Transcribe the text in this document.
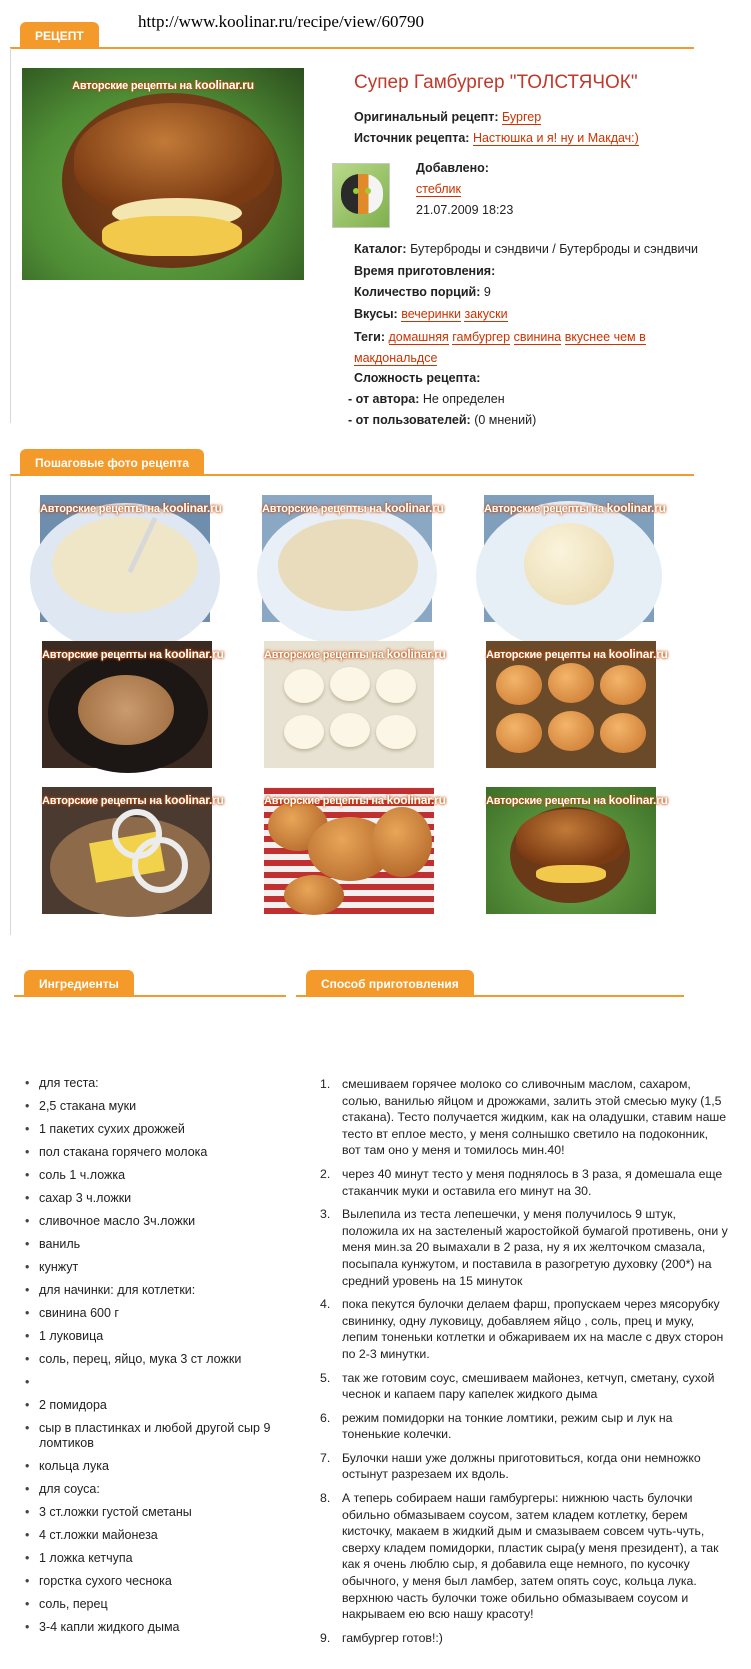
http://www.koolinar.ru/recipe/view/60790
РЕЦЕПТ
Авторские рецепты на koolinar.ru	Супер Гамбургер "ТОЛСТЯЧОК"
Оригинальный рецепт: Бургер
Источник рецепта: Настюшка и я! ну и Макдач:)
Добавлено:
стеблик
21.07.2009 18:23
Каталог: Бутерброды и сэндвичи / Бутерброды и сэндвичи
Время приготовления:
Количество порций: 9
Вкусы: вечеринки закуски
Теги: домашняя гамбургер свинина вкуснее чем в макдональдсе
Сложность рецепта:
- от автора: Не определен
- от пользователей: (0 мнений)
Пошаговые фото рецепта
Авторские рецепты на koolinar.ru	Авторские рецепты на koolinar.ru	Авторские рецепты на koolinar.ru
Авторские рецепты на koolinar.ru	Авторские рецепты на koolinar.ru	Авторские рецепты на koolinar.ru
Авторские рецепты на koolinar.ru	Авторские рецепты на koolinar.ru	Авторские рецепты на koolinar.ru
Ингредиенты
• для теста:
• 2,5 стакана муки
• 1 пакетих сухих дрожжей
• пол стакана горячего молока
• соль 1 ч.ложка
• сахар 3 ч.ложки
• сливочное масло 3ч.ложки
• ваниль
• кунжут
• для начинки: для котлетки:
• свинина 600 г
• 1 луковица
• соль, перец, яйцо, мука 3 ст ложки
•
• 2 помидора
• сыр в пластинках и любой другой сыр 9 ломтиков
• кольца лука
• для соуса:
• 3 ст.ложки густой сметаны
• 4 ст.ложки майонеза
• 1 ложка кетчупа
• горстка сухого чеснока
• соль, перец
• 3-4 капли жидкого дыма
Способ приготовления
1. смешиваем горячее молоко со сливочным маслом, сахаром, солью, ванилью яйцом и дрожжами, залить этой смесью муку (1,5 стакана). Тесто получается жидким, как на оладушки, ставим наше тесто вт еплое место, у меня солнышко светило на подоконник, вот там оно у меня и томилось мин.40!
2. через 40 минут тесто у меня поднялось в 3 раза, я домешала еще стаканчик муки и оставила его минут на 30.
3. Вылепила из теста лепешечки, у меня получилось 9 штук, положила их на застеленый жаростойкой бумагой противень, они у меня мин.за 20 вымахали в 2 раза, ну я их желточком смазала, посыпала кунжутом, и поставила в разогретую духовку (200*) на средний уровень на 15 минуток
4. пока пекутся булочки делаем фарш, пропускаем через мясорубку свининку, одну луковицу, добавляем яйцо , соль, прец и муку, лепим тоненьки котлетки и обжариваем их на масле с двух сторон по 2-3 минутки.
5. так же готовим соус, смешиваем майонез, кетчуп, сметану, сухой чеснок и капаем пару капелек жидкого дыма
6. режим помидорки на тонкие ломтики, режим сыр и лук на тоненькие колечки.
7. Булочки наши уже должны приготовиться, когда они немножко остынут разрезаем их вдоль.
8. А теперь собираем наши гамбургеры: нижнюю часть булочки обильно обмазываем соусом, затем кладем котлетку, берем кисточку, макаем в жидкий дым и смазываем совсем чуть-чуть, сверху кладем помидорки, пластик сыра(у меня президент), а так как я очень люблю сыр, я добавила еще немного, по кусочку обычного, у меня был ламбер, затем опять соус, кольца лука. верхнюю часть булочки тоже обильно обмазываем соусом и накрываем ею всю нашу красоту!
9. гамбургер готов!:)
